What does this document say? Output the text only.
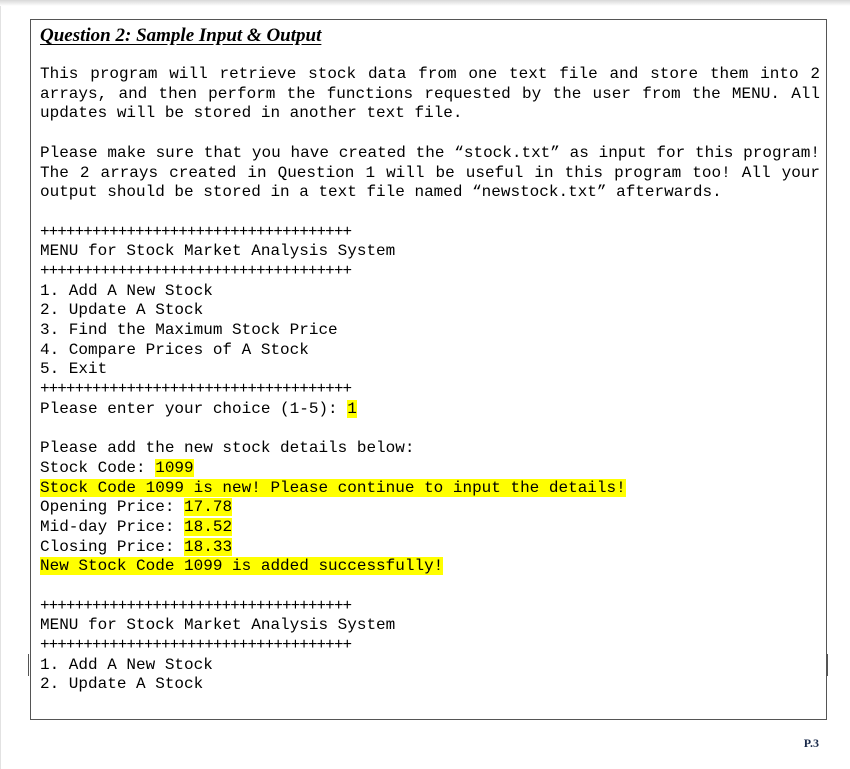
Question 2: Sample Input & Output

This program will retrieve stock data from one text file and store them into 2 arrays, and then perform the functions requested by the user from the MENU. All updates will be stored in another text file.

Please make sure that you have created the “stock.txt” as input for this program! The 2 arrays created in Question 1 will be useful in this program too! All your output should be stored in a text file named “newstock.txt” afterwards.

++++++++++++++++++++++++++++++++++++
MENU for Stock Market Analysis System
++++++++++++++++++++++++++++++++++++
1. Add A New Stock
2. Update A Stock
3. Find the Maximum Stock Price
4. Compare Prices of A Stock
5. Exit
++++++++++++++++++++++++++++++++++++
Please enter your choice (1-5): 1
Please add the new stock details below:
Stock Code: 1099
Stock Code 1099 is new! Please continue to input the details!
Opening Price: 17.78
Mid-day Price: 18.52
Closing Price: 18.33
New Stock Code 1099 is added successfully!
++++++++++++++++++++++++++++++++++++
MENU for Stock Market Analysis System
++++++++++++++++++++++++++++++++++++
1. Add A New Stock
2. Update A Stock
P.3
